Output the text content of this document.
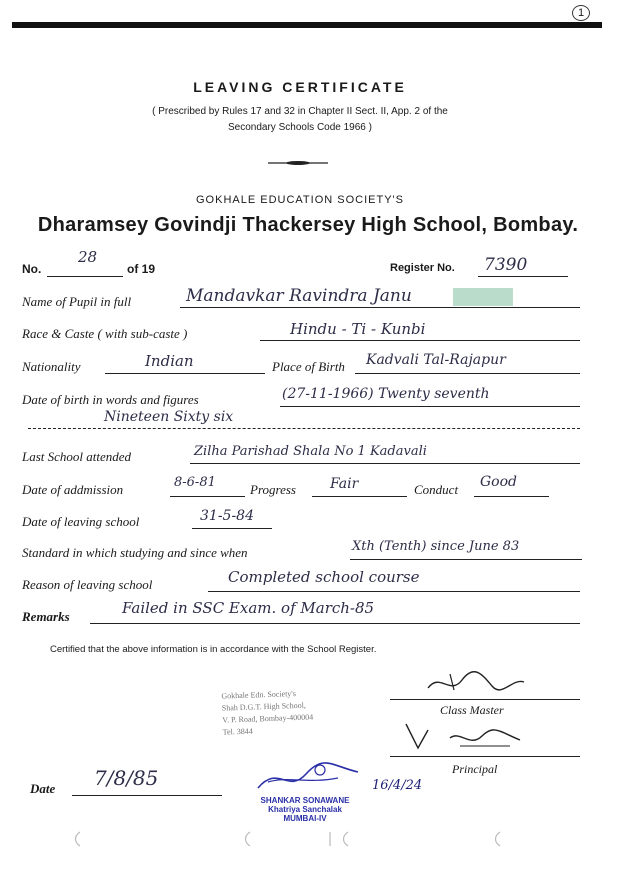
1
LEAVING CERTIFICATE
( Prescribed by Rules 17 and 32 in Chapter II Sect. II, App. 2 of the
Secondary Schools Code 1966 )
GOKHALE EDUCATION SOCIETY'S
Dharamsey Govindji Thackersey High School, Bombay.
No.
28
of 19	Register No. 7390
Name of Pupil in full	Mandavkar Ravindra Janu
Race & Caste ( with sub-caste )	Hindu - Ti - Kunbi
Nationality	Indian	Place of Birth Kadvali Tal-Rajapur
Date of birth in words and figures	(27-11-1966) Twenty seventh
Nineteen Sixty six
Last School attended	Zilha Parishad Shala No 1 Kadavali
Date of addmission	8-6-81	Progress Fair	Conduct Good
Date of leaving school	31-5-84
Standard in which studying and since when	Xth (Tenth) since June 83
Reason of leaving school	Completed school course
Remarks	Failed in SSC Exam. of March-85
Certified that the above information is in accordance with the School Register.
Gokhale Edn. Society's
Shah D.G.T. High School,
V. P. Road, Bombay-400004
Tel. 3844
Class Master
Principal
Date 7/8/85	16/4/24
SHANKAR SONAWANE
Khatriya Sanchalak
MUMBAI-IV
